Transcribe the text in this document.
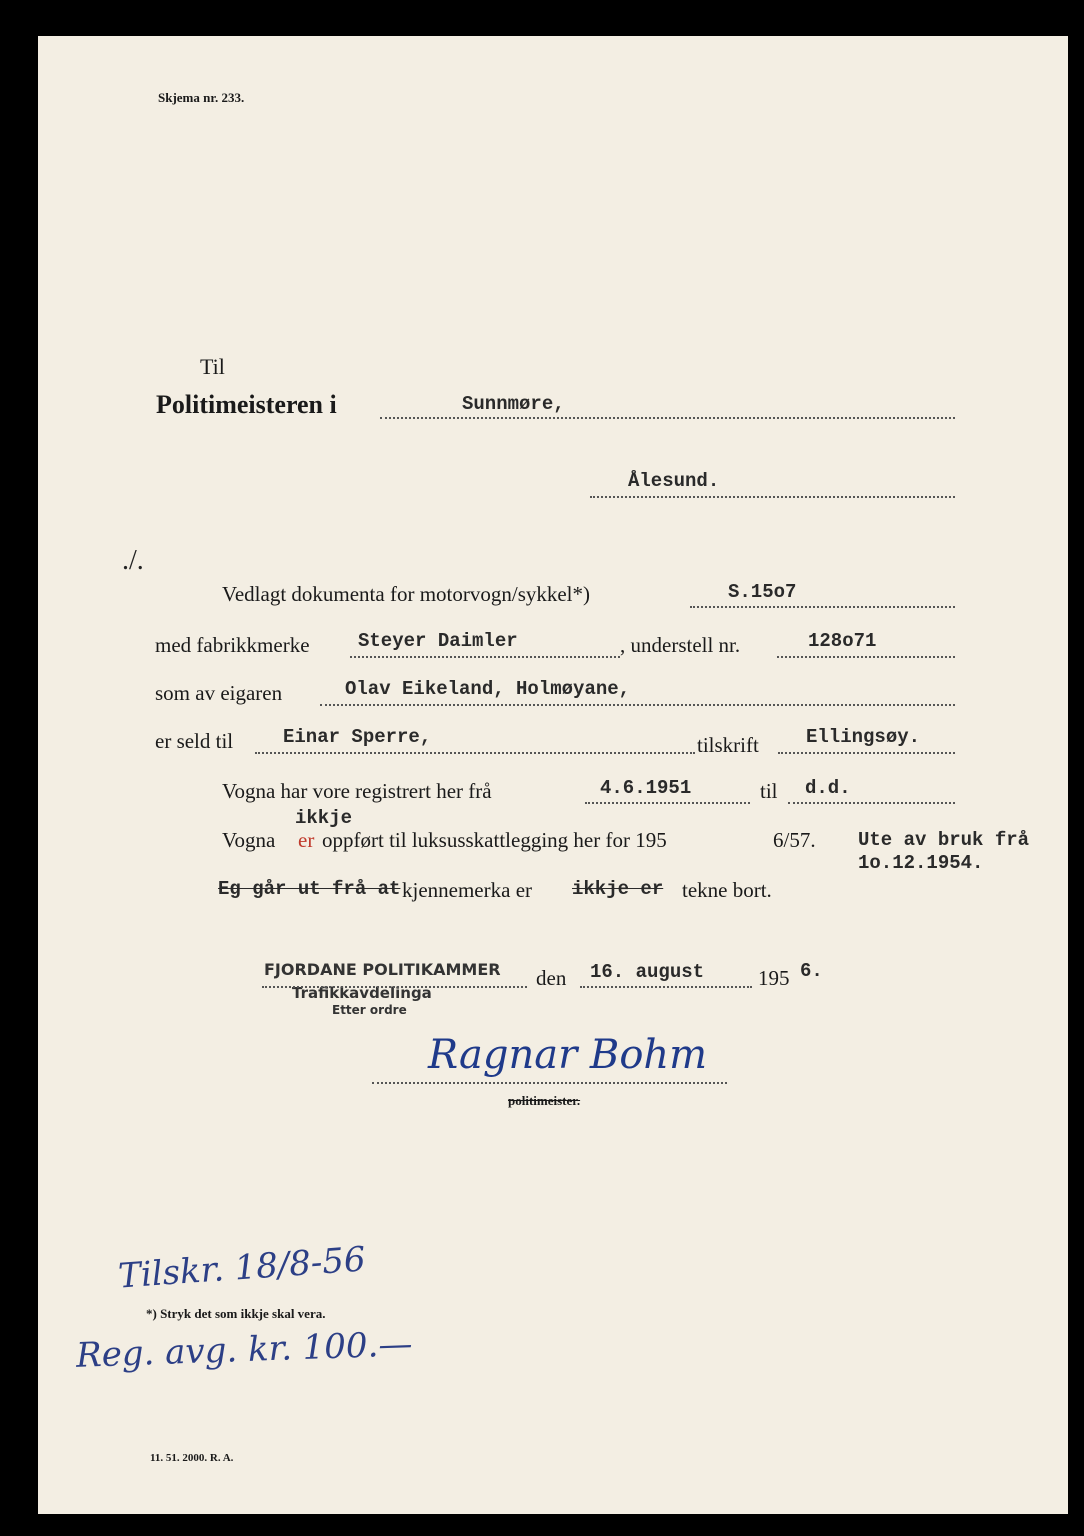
Skjema nr. 233.
Til
Politimeisteren i	Sunnmøre,
Ålesund.
./.
Vedlagt dokumenta for motorvogn/sykkel*)	S.15o7
med fabrikkmerke	Steyer Daimler	, understell nr.	128o71
som av eigaren	Olav Eikeland, Holmøyane,
er seld til	Einar Sperre,	tilskrift Ellingsøy.
Vogna har vore registrert her frå	4.6.1951	til d.d.
ikkje
Vogna er oppført til luksusskattlegging her for 195	6/57. Ute av bruk frå
1o.12.1954.
Eg går ut frå at kjennemerka er ikkje er tekne bort.
FJORDANE POLITIKAMMER
Trafikkavdelinga
Etter ordre
den 16. august	195 6.
Ragnar Bohm
politimeister.
Tilskr. 18/8-56
*) Stryk det som ikkje skal vera.
Reg. avg. kr. 100.—
11. 51. 2000. R. A.
